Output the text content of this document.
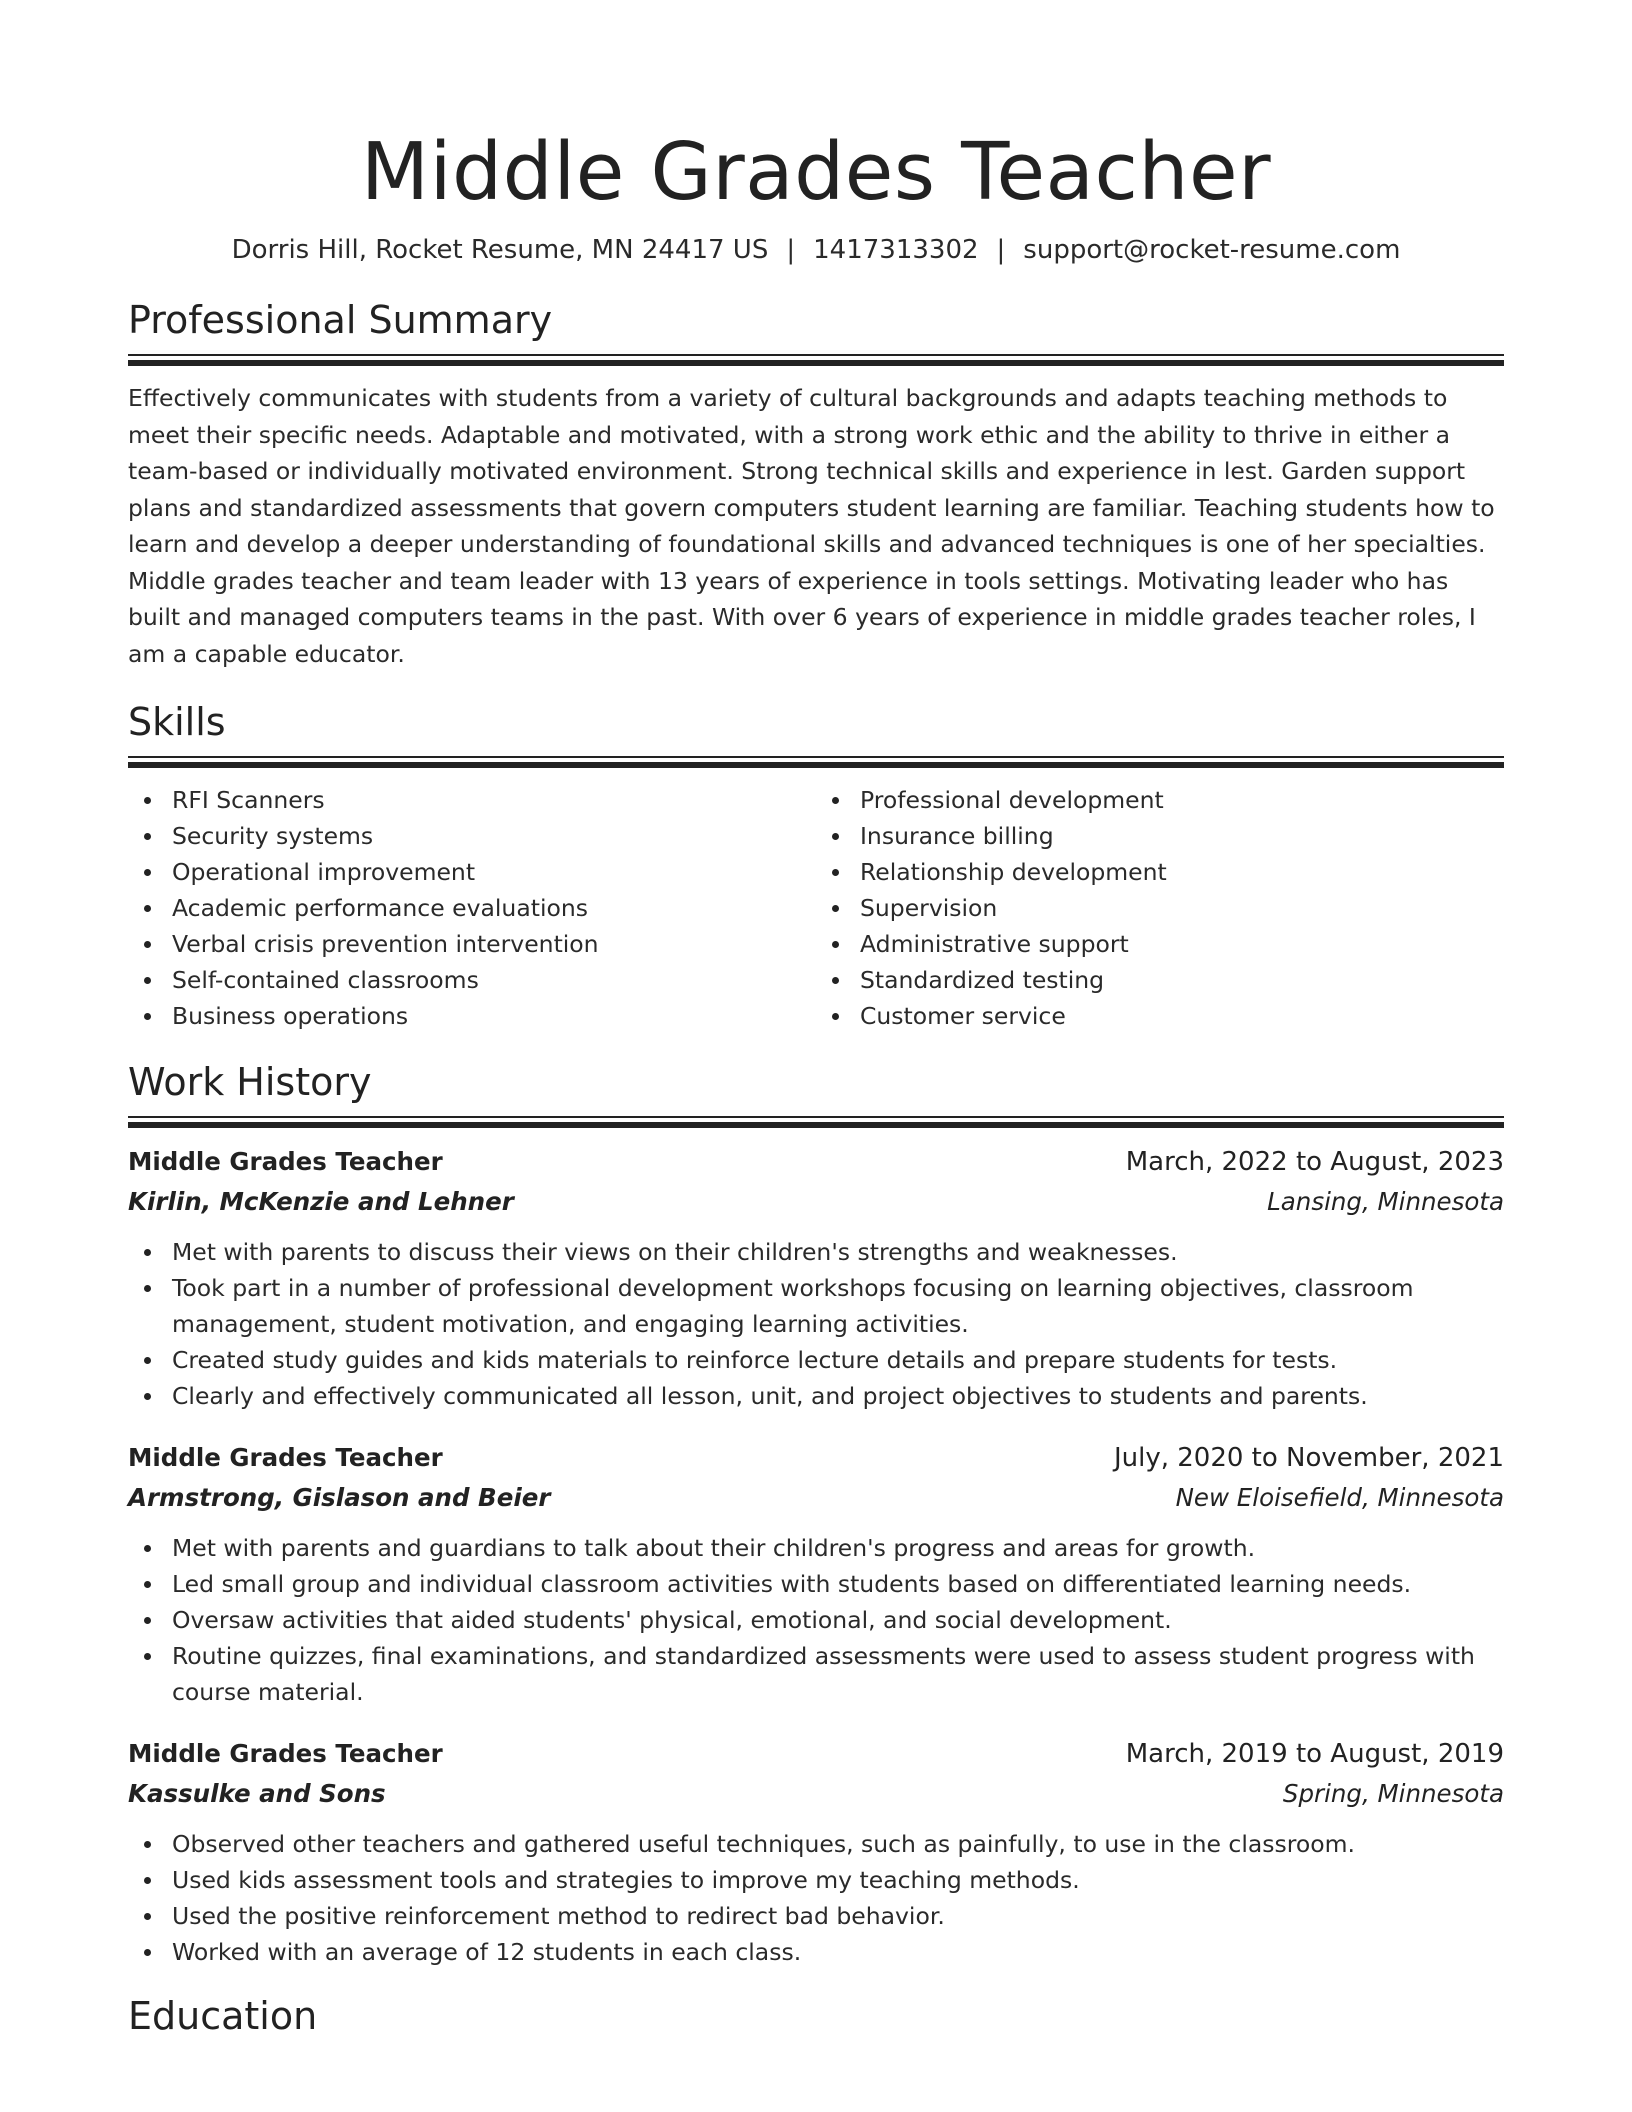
Middle Grades Teacher
Dorris Hill, Rocket Resume, MN 24417 US | 1417313302 | support@rocket-resume.com
Professional Summary
Effectively communicates with students from a variety of cultural backgrounds and adapts teaching methods to meet their specific needs. Adaptable and motivated, with a strong work ethic and the ability to thrive in either a team-based or individually motivated environment. Strong technical skills and experience in lest. Garden support plans and standardized assessments that govern computers student learning are familiar. Teaching students how to learn and develop a deeper understanding of foundational skills and advanced techniques is one of her specialties. Middle grades teacher and team leader with 13 years of experience in tools settings. Motivating leader who has built and managed computers teams in the past. With over 6 years of experience in middle grades teacher roles, I am a capable educator.
Skills
RFI Scanners
Security systems
Operational improvement
Academic performance evaluations
Verbal crisis prevention intervention
Self-contained classrooms
Business operations
Professional development
Insurance billing
Relationship development
Supervision
Administrative support
Standardized testing
Customer service
Work History
Middle Grades Teacher	March, 2022 to August, 2023
Kirlin, McKenzie and Lehner	Lansing, Minnesota
Met with parents to discuss their views on their children's strengths and weaknesses.
Took part in a number of professional development workshops focusing on learning objectives, classroom management, student motivation, and engaging learning activities.
Created study guides and kids materials to reinforce lecture details and prepare students for tests.
Clearly and effectively communicated all lesson, unit, and project objectives to students and parents.
Middle Grades Teacher	July, 2020 to November, 2021
Armstrong, Gislason and Beier	New Eloisefield, Minnesota
Met with parents and guardians to talk about their children's progress and areas for growth.
Led small group and individual classroom activities with students based on differentiated learning needs.
Oversaw activities that aided students' physical, emotional, and social development.
Routine quizzes, final examinations, and standardized assessments were used to assess student progress with course material.
Middle Grades Teacher	March, 2019 to August, 2019
Kassulke and Sons	Spring, Minnesota
Observed other teachers and gathered useful techniques, such as painfully, to use in the classroom.
Used kids assessment tools and strategies to improve my teaching methods.
Used the positive reinforcement method to redirect bad behavior.
Worked with an average of 12 students in each class.
Education
